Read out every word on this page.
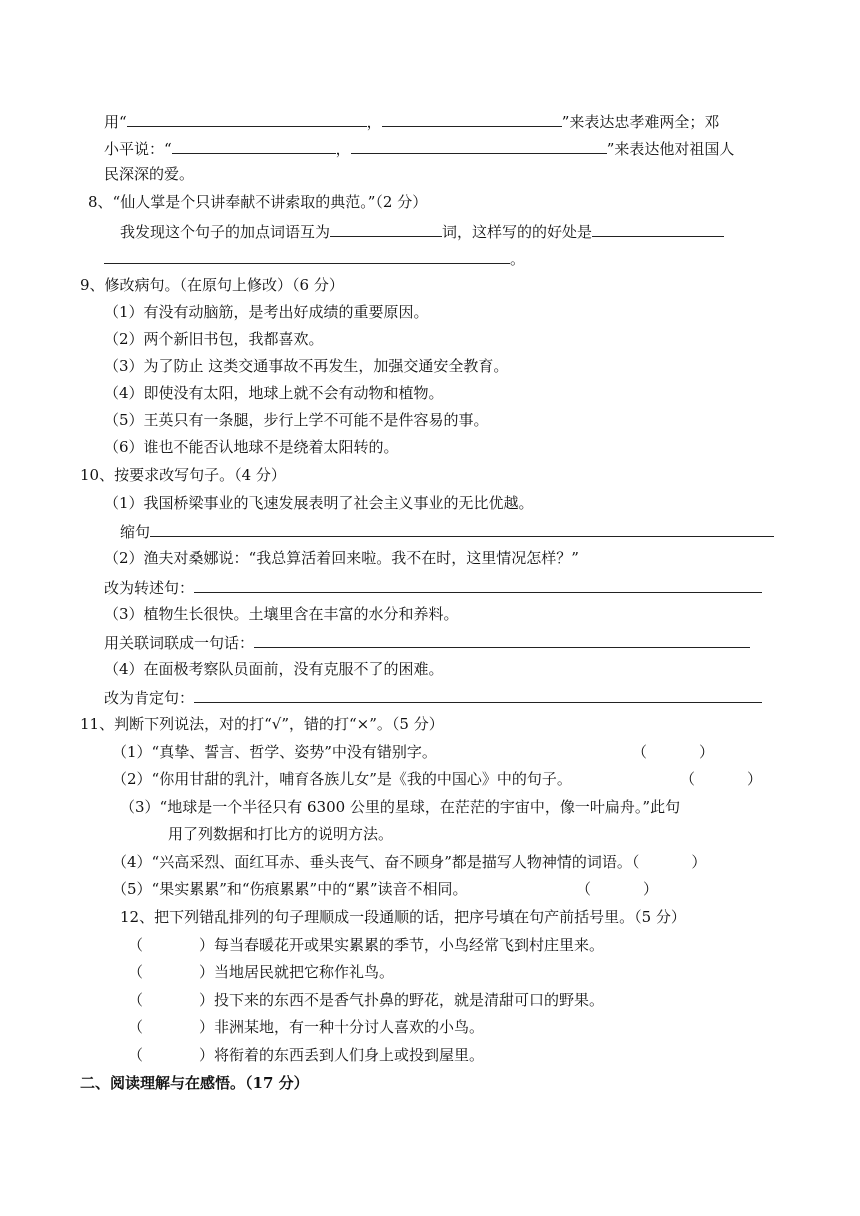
用“	，	”来表达忠孝难两全；邓
小平说：“	，	”来表达他对祖国人
民深深的爱。
8、“仙人掌是个只讲奉献不讲索取的典范。”（2 分）
我发现这个句子的加点词语互为	词，这样写的的好处是
。
9、修改病句。（在原句上修改）（6 分）
（1）有没有动脑筋，是考出好成绩的重要原因。
（2）两个新旧书包，我都喜欢。
（3）为了防止 这类交通事故不再发生，加强交通安全教育。
（4）即使没有太阳，地球上就不会有动物和植物。
（5）王英只有一条腿，步行上学不可能不是件容易的事。
（6）谁也不能否认地球不是绕着太阳转的。
10、按要求改写句子。（4 分）
（1）我国桥梁事业的飞速发展表明了社会主义事业的无比优越。
缩句
（2）渔夫对桑娜说：“我总算活着回来啦。我不在时，这里情况怎样？”
改为转述句：
（3）植物生长很快。土壤里含在丰富的水分和养料。
用关联词联成一句话：
（4）在面极考察队员面前，没有克服不了的困难。
改为肯定句：
11、判断下列说法，对的打“√”，错的打“×”。（5 分）
（1）“真挚、誓言、哲学、姿势”中没有错别字。	（	）
（2）“你用甘甜的乳汁，哺育各族儿女”是《我的中国心》中的句子。	（	）
（3）“地球是一个半径只有 6300 公里的星球，在茫茫的宇宙中，像一叶扁舟。”此句
用了列数据和打比方的说明方法。
（4）“兴高采烈、面红耳赤、垂头丧气、奋不顾身”都是描写人物神情的词语。（	）
（5）“果实累累”和“伤痕累累”中的“累”读音不相同。	（	）
12、把下列错乱排列的句子理顺成一段通顺的话，把序号填在句产前括号里。（5 分）
（	）每当春暖花开或果实累累的季节，小鸟经常飞到村庄里来。
（	）当地居民就把它称作礼鸟。
（	）投下来的东西不是香气扑鼻的野花，就是清甜可口的野果。
（	）非洲某地，有一种十分讨人喜欢的小鸟。
（	）将衔着的东西丢到人们身上或投到屋里。
二、阅读理解与在感悟。（17 分）
